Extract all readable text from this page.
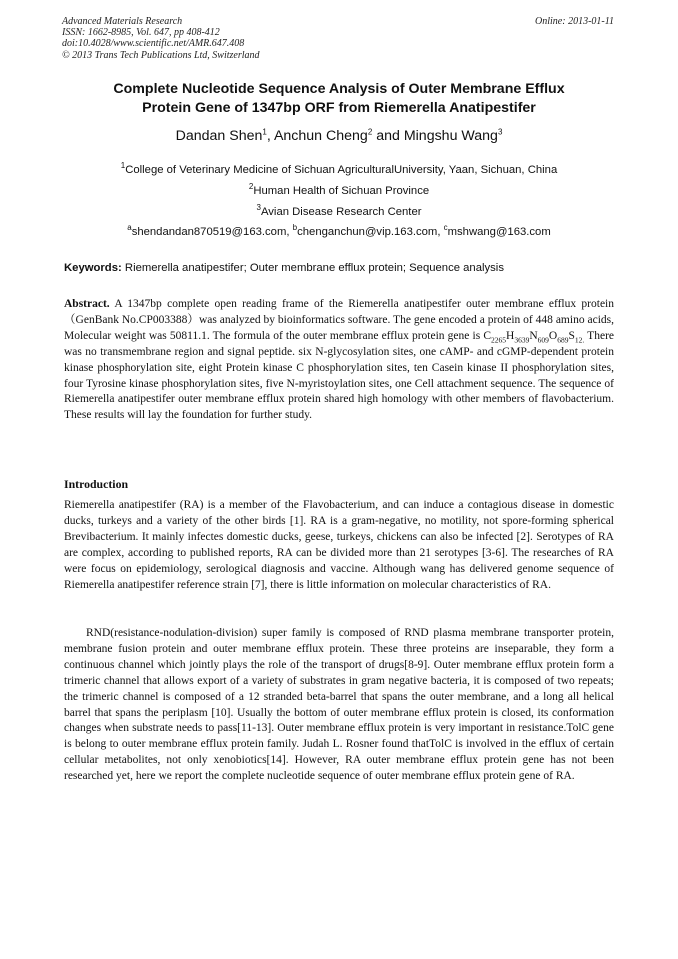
Advanced Materials Research
ISSN: 1662-8985, Vol. 647, pp 408-412
doi:10.4028/www.scientific.net/AMR.647.408
© 2013 Trans Tech Publications Ltd, Switzerland
Online: 2013-01-11
Complete Nucleotide Sequence Analysis of Outer Membrane Efflux
Protein Gene of 1347bp ORF from Riemerella Anatipestifer
Dandan Shen$^1$, Anchun Cheng$^2$ and Mingshu Wang$^3$
$^1$College of Veterinary Medicine of Sichuan AgriculturalUniversity, Yaan, Sichuan, China
$^2$Human Health of Sichuan Province
$^3$Avian Disease Research Center
$^a$shendandan870519@163.com, $^b$chenganchun@vip.163.com, $^c$mshwang@163.com
Keywords: Riemerella anatipestifer; Outer membrane efflux protein; Sequence analysis
Abstract. A 1347bp complete open reading frame of the Riemerella anatipestifer outer membrane efflux protein（GenBank No.CP003388）was analyzed by bioinformatics software. The gene encoded a protein of 448 amino acids, Molecular weight was 50811.1. The formula of the outer membrane efflux protein gene is $C_{2265}H_{3639}N_{609}O_{689}S_{12.}$ There was no transmembrane region and signal peptide. six N-glycosylation sites, one cAMP- and cGMP-dependent protein kinase phosphorylation site, eight Protein kinase C phosphorylation sites, ten Casein kinase II phosphorylation sites, four Tyrosine kinase phosphorylation sites, five N-myristoylation sites, one Cell attachment sequence. The sequence of Riemerella anatipestifer outer membrane efflux protein shared high homology with other members of flavobacterium. These results will lay the foundation for further study.
Introduction

Riemerella anatipestifer (RA) is a member of the Flavobacterium, and can induce a contagious disease in domestic ducks, turkeys and a variety of the other birds [1]. RA is a gram-negative, no motility, not spore-forming spherical Brevibacterium. It mainly infectes domestic ducks, geese, turkeys, chickens can also be infected [2]. Serotypes of RA are complex, according to published reports, RA can be divided more than 21 serotypes [3-6]. The researches of RA were focus on epidemiology, serological diagnosis and vaccine. Although wang has delivered genome sequence of Riemerella anatipestifer reference strain [7], there is little information on molecular characteristics of RA.

RND(resistance-nodulation-division) super family is composed of RND plasma membrane transporter protein, membrane fusion protein and outer membrane efflux protein. These three proteins are inseparable, they form a continuous channel which jointly plays the role of the transport of drugs[8-9]. Outer membrane efflux protein form a trimeric channel that allows export of a variety of substrates in gram negative bacteria, it is composed of two repeats; the trimeric channel is composed of a 12 stranded beta-barrel that spans the outer membrane, and a long all helical barrel that spans the periplasm [10]. Usually the bottom of outer membrane efflux protein is closed, its conformation changes when substrate needs to pass[11-13]. Outer membrane efflux protein is very important in resistance.TolC gene is belong to outer membrane efflux protein family. Judah L. Rosner found thatTolC is involved in the efflux of certain cellular metabolites, not only xenobiotics[14]. However, RA outer membrane efflux protein gene has not been researched yet, here we report the complete nucleotide sequence of outer membrane efflux protein gene of RA.
